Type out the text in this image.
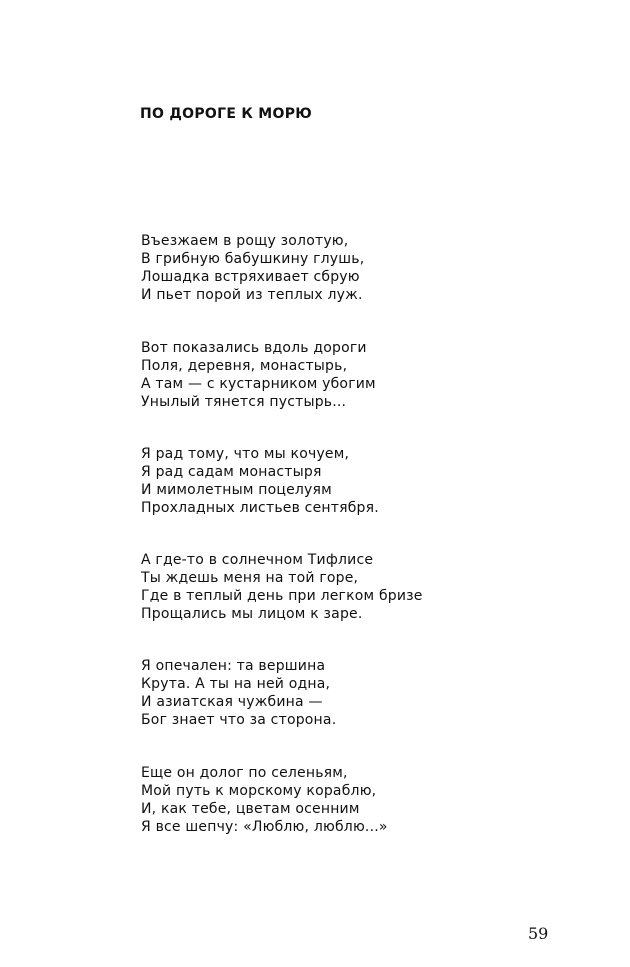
ПО ДОРОГЕ К МОРЮ
Въезжаем в рощу золотую,
В грибную бабушкину глушь,
Лошадка встряхивает сбрую
И пьет порой из теплых луж.
Вот показались вдоль дороги
Поля, деревня, монастырь,
А там — с кустарником убогим
Унылый тянется пустырь...
Я рад тому, что мы кочуем,
Я рад садам монастыря
И мимолетным поцелуям
Прохладных листьев сентября.
А где-то в солнечном Тифлисе
Ты ждешь меня на той горе,
Где в теплый день при легком бризе
Прощались мы лицом к заре.
Я опечален: та вершина
Крута. А ты на ней одна,
И азиатская чужбина —
Бог знает что за сторона.
Еще он долог по селеньям,
Мой путь к морскому кораблю,
И, как тебе, цветам осенним
Я все шепчу: «Люблю, люблю...»
59
